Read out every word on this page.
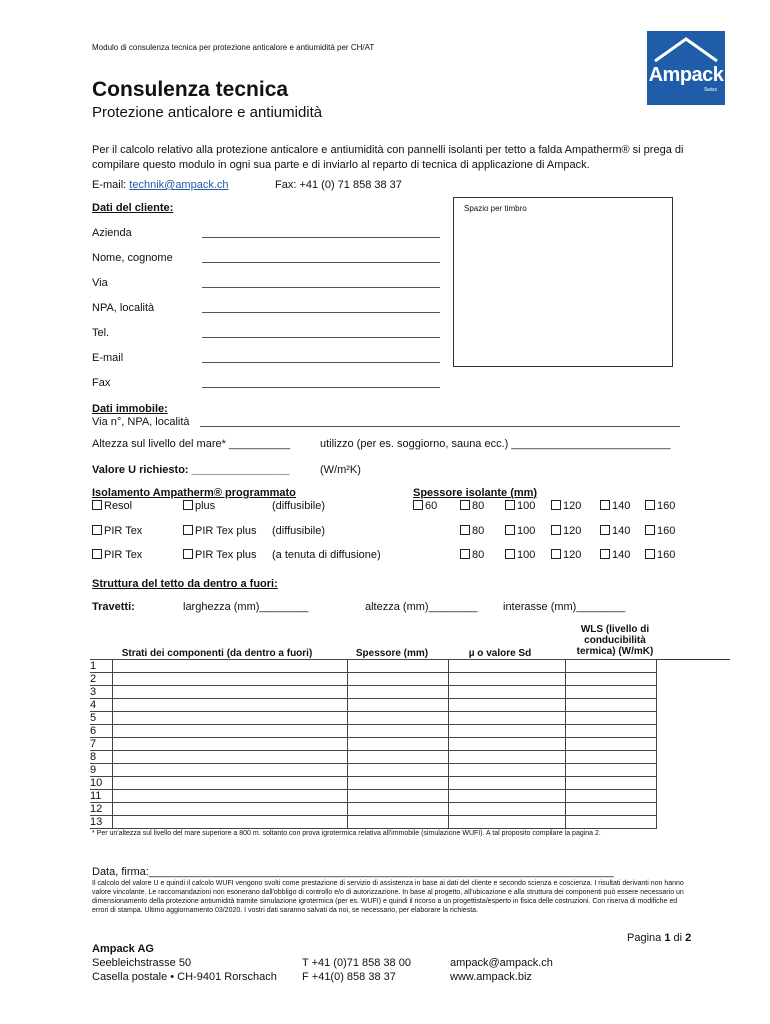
Modulo di consulenza tecnica per protezione anticalore e antiumidità per CH/AT
Ampack
Swiss
Consulenza tecnica
Protezione anticalore e antiumidità
Per il calcolo relativo alla protezione anticalore e antiumidità con pannelli isolanti per tetto a falda Ampatherm® si prega di compilare questo modulo in ogni sua parte e di inviarlo al reparto di tecnica di applicazione di Ampack.
E-mail: technik@ampack.ch	Fax: +41 (0) 71 858 38 37
Dati del cliente:	Spazio per timbro
Azienda
Nome, cognome
Via
NPA, località
Tel.
E-mail
Fax
Dati immobile:
Via n°, NPA, località
Altezza sul livello del mare* __________	utilizzo (per es. soggiorno, sauna ecc.) __________________________
Valore U richiesto: ________________	(W/m²K)
Isolamento Ampatherm® programmato	Spessore isolante (mm)
Resol	plus	(diffusibile)	60	80	100	120	140	160
PIR Tex	PIR Tex plus (diffusibile)	80	100	120	140	160
PIR Tex	PIR Tex plus (a tenuta di diffusione)	80	100	120	140	160
Struttura del tetto da dentro a fuori:
Travetti:	larghezza (mm)________	altezza (mm)________ interasse (mm)________
Strati dei componenti (da dentro a fuori)	Spessore (mm)	µ o valore Sd
WLS (livello di conducibilità termica) (W/mK)
1				
2				
3				
4				
5				
6				
7				
8				
9				
10				
11				
12				
13				
* Per un'altezza sul livello del mare superiore a 800 m. soltanto con prova igrotermica relativa all'immobile (simulazione WUFI). A tal proposito compilare la pagina 2.
Data, firma:____________________________________________________________________________
Il calcolo del valore U e quindi il calcolo WUFI vengono svolti come prestazione di servizio di assistenza in base ai dati del cliente e secondo scienza e coscienza. I risultati derivanti non hanno valore vincolante. Le raccomandazioni non esonerano dall'obbligo di controllo e/o di autorizzazione. In base al progetto, all'ubicazione e alla struttura dei componenti può essere necessario un dimensionamento della protezione antiumidità tramite simulazione igrotermica (per es. WUFI) e quindi il ricorso a un progettista/esperto in fisica delle costruzioni. Con riserva di modifiche ed errori di stampa. Ultimo aggiornamento 03/2020. I vostri dati saranno salvati da noi, se necessario, per elaborare la richiesta.
Pagina 1 di 2
Ampack AG
Seebleichstrasse 50
Casella postale • CH-9401 Rorschach
T +41 (0)71 858 38 00
F +41(0) 858 38 37
ampack@ampack.ch
www.ampack.biz
